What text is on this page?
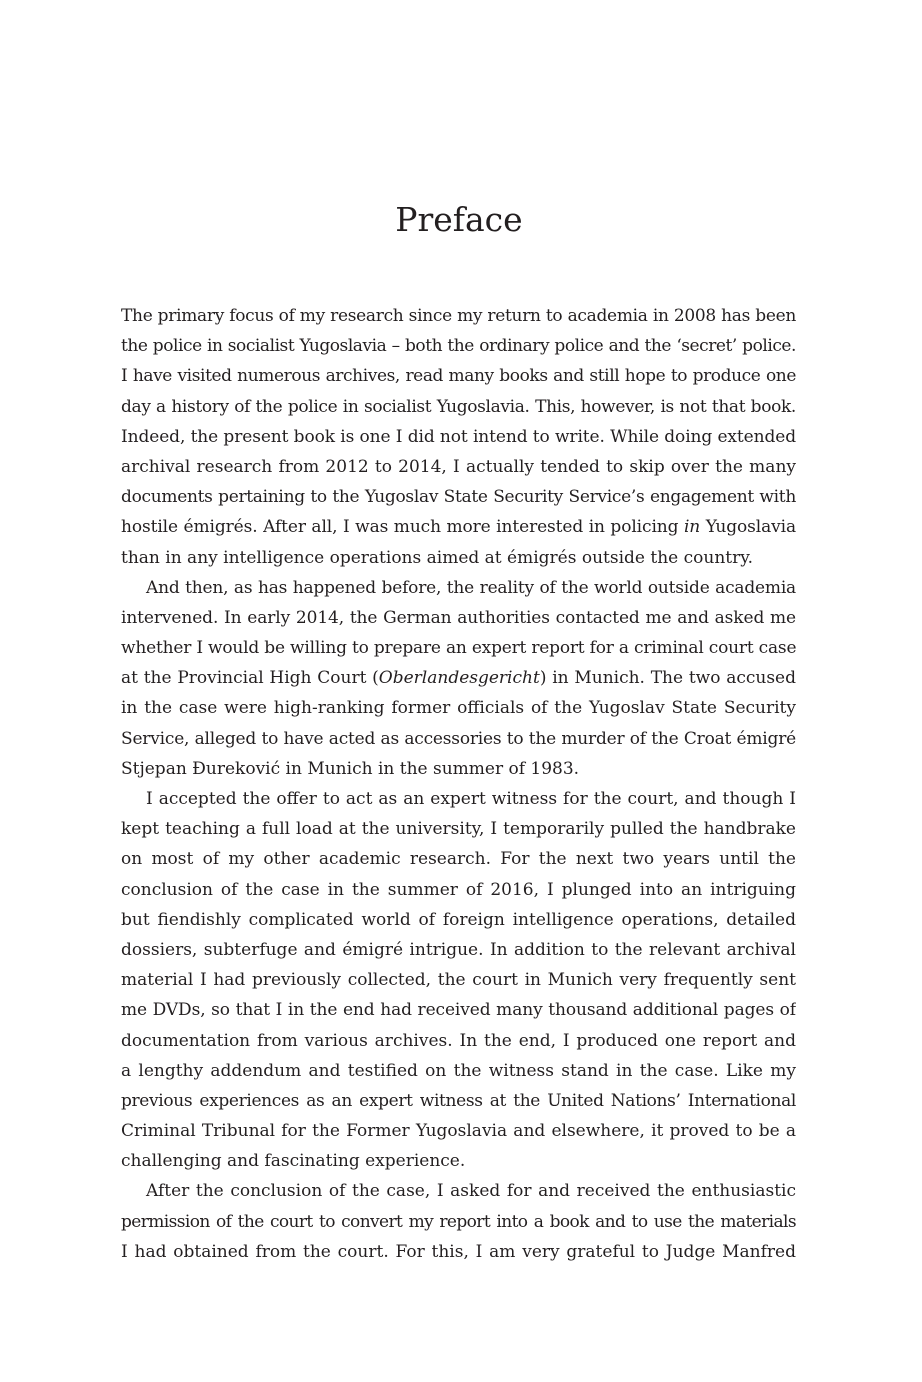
Preface
The primary focus of my research since my return to academia in 2008 has been
the police in socialist Yugoslavia – both the ordinary police and the ‘secret’ police.
I have visited numerous archives, read many books and still hope to produce one
day a history of the police in socialist Yugoslavia. This, however, is not that book.
Indeed, the present book is one I did not intend to write. While doing extended
archival research from 2012 to 2014, I actually tended to skip over the many
documents pertaining to the Yugoslav State Security Service’s engagement with
hostile émigrés. After all, I was much more interested in policing in Yugoslavia
than in any intelligence operations aimed at émigrés outside the country.
And then, as has happened before, the reality of the world outside academia
intervened. In early 2014, the German authorities contacted me and asked me
whether I would be willing to prepare an expert report for a criminal court case
at the Provincial High Court (Oberlandesgericht) in Munich. The two accused
in the case were high-ranking former officials of the Yugoslav State Security
Service, alleged to have acted as accessories to the murder of the Croat émigré
Stjepan Đureković in Munich in the summer of 1983.
I accepted the offer to act as an expert witness for the court, and though I
kept teaching a full load at the university, I temporarily pulled the handbrake
on most of my other academic research. For the next two years until the
conclusion of the case in the summer of 2016, I plunged into an intriguing
but fiendishly complicated world of foreign intelligence operations, detailed
dossiers, subterfuge and émigré intrigue. In addition to the relevant archival
material I had previously collected, the court in Munich very frequently sent
me DVDs, so that I in the end had received many thousand additional pages of
documentation from various archives. In the end, I produced one report and
a lengthy addendum and testified on the witness stand in the case. Like my
previous experiences as an expert witness at the United Nations’ International
Criminal Tribunal for the Former Yugoslavia and elsewhere, it proved to be a
challenging and fascinating experience.
After the conclusion of the case, I asked for and received the enthusiastic
permission of the court to convert my report into a book and to use the materials
I had obtained from the court. For this, I am very grateful to Judge Manfred
